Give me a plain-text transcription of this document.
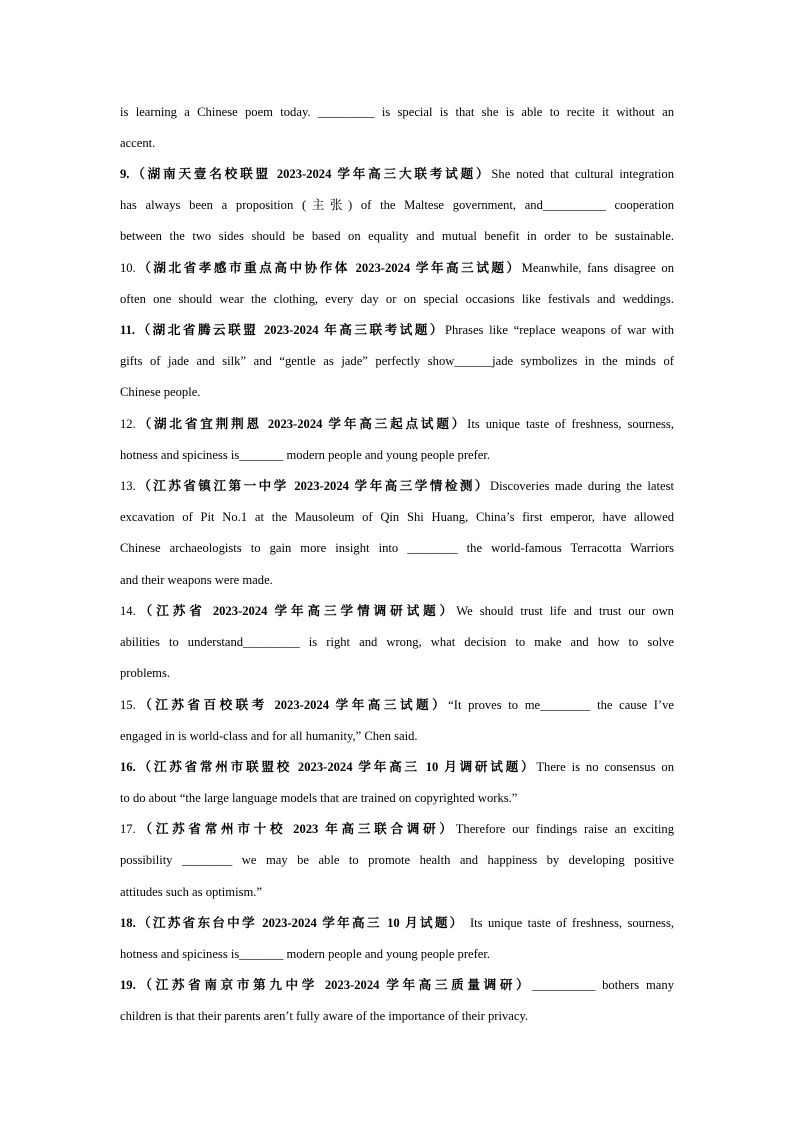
is learning a Chinese poem today. _________ is special is that she is able to recite it without an
accent.
9.（湖南天壹名校联盟 2023-2024 学年高三大联考试题）She noted that cultural integration
has always been a proposition (主张) of the Maltese government, and__________ cooperation
between the two sides should be based on equality and mutual benefit in order to be sustainable.
10.（湖北省孝感市重点高中协作体 2023-2024 学年高三试题）Meanwhile, fans disagree on
often one should wear the clothing, every day or on special occasions like festivals and weddings.
11.（湖北省腾云联盟 2023-2024 年高三联考试题）Phrases like “replace weapons of war with
gifts of jade and silk” and “gentle as jade” perfectly show______jade symbolizes in the minds of
Chinese people.
12.（湖北省宜荆荆恩 2023-2024 学年高三起点试题）Its unique taste of freshness, sourness,
hotness and spiciness is_______ modern people and young people prefer.
13.（江苏省镇江第一中学 2023-2024 学年高三学情检测）Discoveries made during the latest
excavation of Pit No.1 at the Mausoleum of Qin Shi Huang, China’s first emperor, have allowed
Chinese archaeologists to gain more insight into ________ the world-famous Terracotta Warriors
and their weapons were made.
14.（江苏省 2023-2024 学年高三学情调研试题）We should trust life and trust our own
abilities to understand_________ is right and wrong, what decision to make and how to solve
problems.
15.（江苏省百校联考 2023-2024 学年高三试题）“It proves to me________ the cause I’ve
engaged in is world-class and for all humanity,” Chen said.
16.（江苏省常州市联盟校 2023-2024 学年高三 10 月调研试题）There is no consensus on
to do about “the large language models that are trained on copyrighted works.”
17.（江苏省常州市十校 2023 年高三联合调研）Therefore our findings raise an exciting
possibility ________ we may be able to promote health and happiness by developing positive
attitudes such as optimism.”
18.（江苏省东台中学 2023-2024 学年高三 10 月试题） Its unique taste of freshness, sourness,
hotness and spiciness is_______ modern people and young people prefer.
19.（江苏省南京市第九中学 2023-2024 学年高三质量调研）__________ bothers many
children is that their parents aren’t fully aware of the importance of their privacy.
